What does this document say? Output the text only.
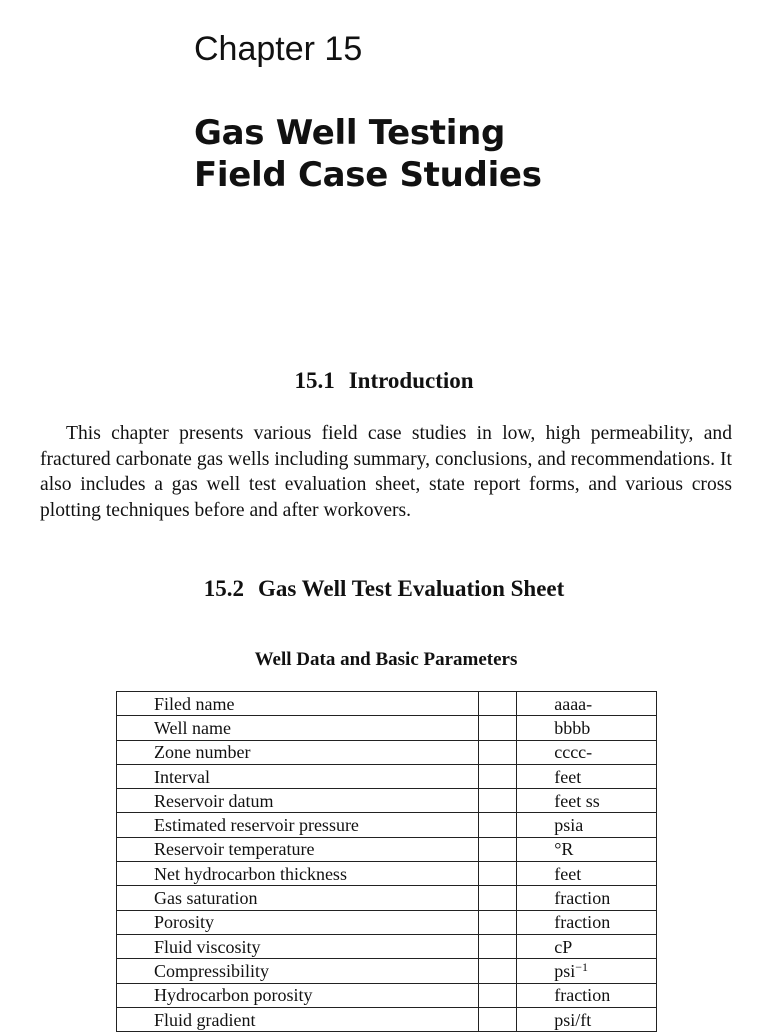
Chapter 15
Gas Well Testing
Field Case Studies
15.1 Introduction

This chapter presents various field case studies in low, high permeability, and fractured carbonate gas wells including summary, conclusions, and recommendations. It also includes a gas well test evaluation sheet, state report forms, and various cross plotting techniques before and after workovers.

15.2 Gas Well Test Evaluation Sheet
Well Data and Basic Parameters
Filed name		aaaa-
Well name		bbbb
Zone number		cccc-
Interval		feet
Reservoir datum		feet ss
Estimated reservoir pressure		psia
Reservoir temperature		°R
Net hydrocarbon thickness		feet
Gas saturation		fraction
Porosity		fraction
Fluid viscosity		cP
Compressibility		psi$^{-1}$
Hydrocarbon porosity		fraction
Fluid gradient		psi/ft
